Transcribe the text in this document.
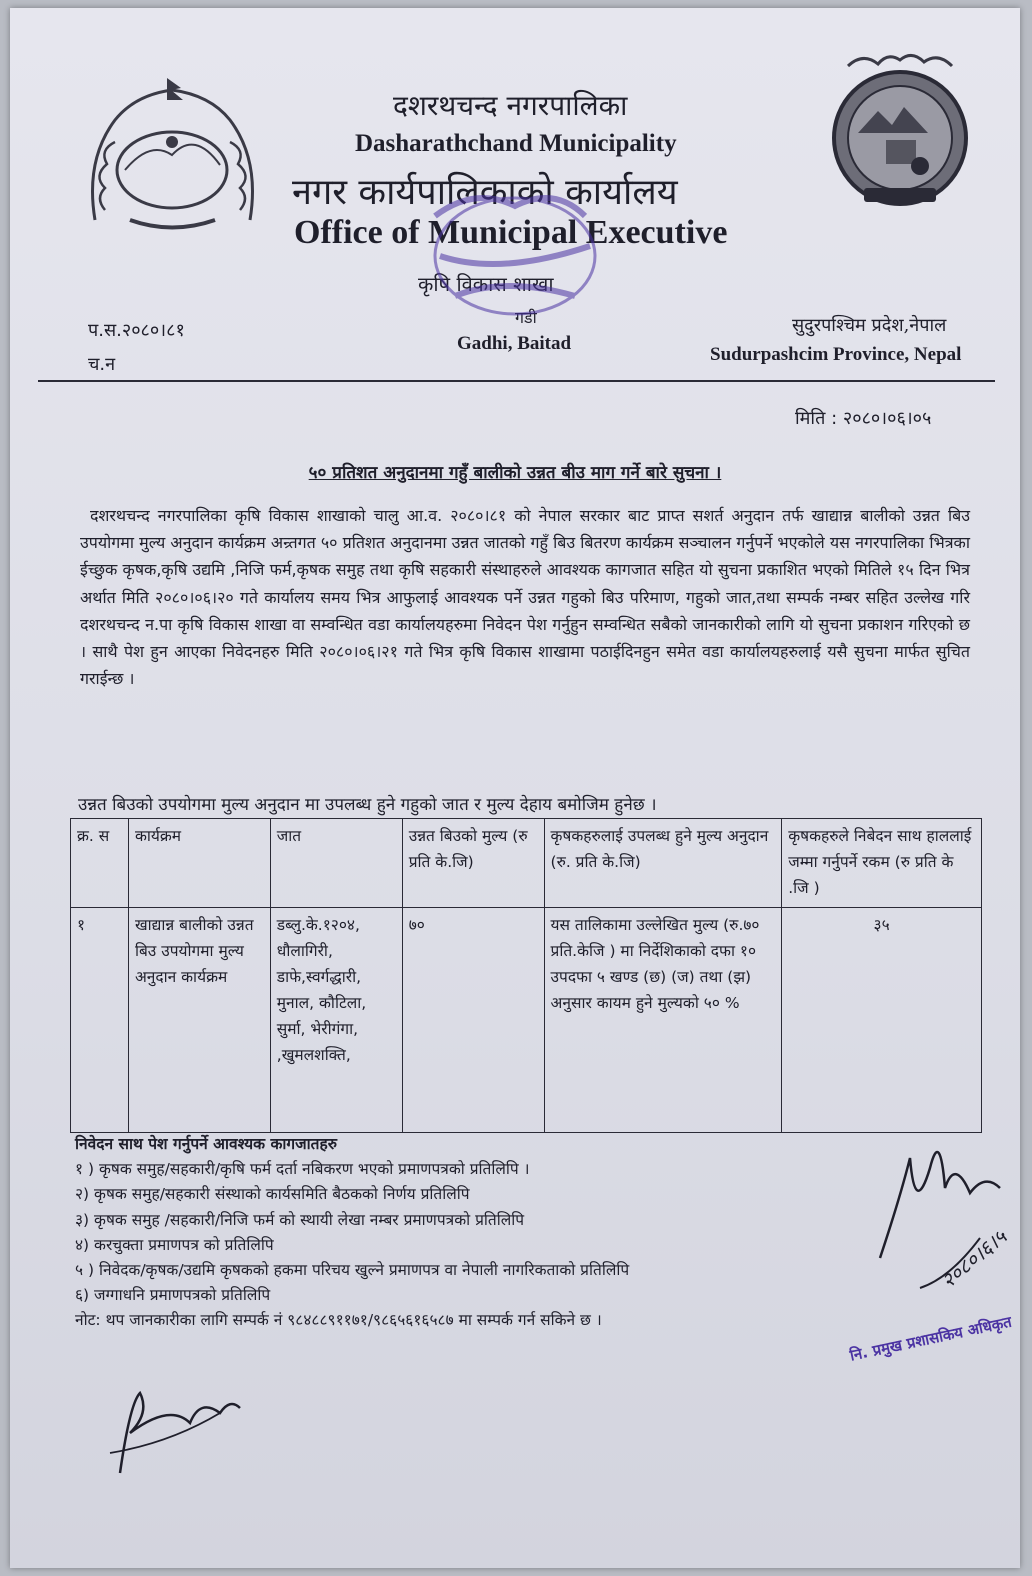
दशरथचन्द नगरपालिका
Dasharathchand Municipality
नगर कार्यपालिकाको कार्यालय
Office of Municipal Executive
कृषि विकास शाखा
गडी
Gadhi, Baitad
प.स.२०८०।८१
च.न
सुदुरपश्चिम प्रदेश,नेपाल
Sudurpashcim Province, Nepal
मिति : २०८०।०६।०५
५० प्रतिशत अनुदानमा गहुँ बालीको उन्नत बीउ माग गर्ने बारे सुचना ।
दशरथचन्द नगरपालिका कृषि विकास शाखाको चालु आ.व. २०८०।८१ को नेपाल सरकार बाट प्राप्त सशर्त अनुदान तर्फ खाद्यान्न बालीको उन्नत बिउ उपयोगमा मुल्य अनुदान कार्यक्रम अन्र्तगत ५० प्रतिशत अनुदानमा उन्नत जातको गहुँ बिउ बितरण कार्यक्रम सञ्चालन गर्नुपर्ने भएकोले यस नगरपालिका भित्रका ईच्छुक कृषक,कृषि उद्यमि ,निजि फर्म,कृषक समुह तथा कृषि सहकारी संस्थाहरुले आवश्यक कागजात सहित यो सुचना प्रकाशित भएको मितिले १५ दिन भित्र अर्थात मिति २०८०।०६।२० गते कार्यालय समय भित्र आफुलाई आवश्यक पर्ने उन्नत गहुको बिउ परिमाण, गहुको जात,तथा सम्पर्क नम्बर सहित उल्लेख गरि दशरथचन्द न.पा कृषि विकास शाखा वा सम्वन्धित वडा कार्यालयहरुमा निवेदन पेश गर्नुहुन सम्वन्धित सबैको जानकारीको लागि यो सुचना प्रकाशन गरिएको छ । साथै पेश हुन आएका निवेदनहरु मिति २०८०।०६।२१ गते भित्र कृषि विकास शाखामा पठाईदिनहुन समेत वडा कार्यालयहरुलाई यसै सुचना मार्फत सुचित गराईन्छ ।
उन्नत बिउको उपयोगमा मुल्य अनुदान मा उपलब्ध हुने गहुको जात र मुल्य देहाय बमोजिम हुनेछ ।
क्र. स	कार्यक्रम	जात	उन्नत बिउको मुल्य (रु प्रति के.जि)	कृषकहरुलाई उपलब्ध हुने मुल्य अनुदान (रु. प्रति के.जि)	कृषकहरुले निबेदन साथ हाललाई जम्मा गर्नुपर्ने रकम (रु प्रति के .जि )
१	खाद्यान्न बालीको उन्नत बिउ उपयोगमा मुल्य अनुदान कार्यक्रम	डब्लु.के.१२०४, धौलागिरी, डाफे,स्वर्गद्धारी, मुनाल, कौटिला, सुर्मा, भेरीगंगा, ,खुमलशक्ति,	७०	यस तालिकामा उल्लेखित मुल्य (रु.७० प्रति.केजि ) मा निर्देशिकाको दफा १० उपदफा ५ खण्ड (छ) (ज) तथा (झ) अनुसार कायम हुने मुल्यको ५० %	३५
निवेदन साथ पेश गर्नुपर्ने आवश्यक कागजातहरु
१ ) कृषक समुह/सहकारी/कृषि फर्म दर्ता नबिकरण भएको प्रमाणपत्रको प्रतिलिपि ।
२) कृषक समुह/सहकारी संस्थाको कार्यसमिति बैठकको निर्णय प्रतिलिपि
३) कृषक समुह /सहकारी/निजि फर्म को स्थायी लेखा नम्बर प्रमाणपत्रको प्रतिलिपि
४) करचुक्ता प्रमाणपत्र को प्रतिलिपि
५ ) निवेदक/कृषक/उद्यमि कृषकको हकमा परिचय खुल्ने प्रमाणपत्र वा नेपाली नागरिकताको प्रतिलिपि
६) जग्गाधनि प्रमाणपत्रको प्रतिलिपि
नोट: थप जानकारीका लागि सम्पर्क नं ९८४८८९११७१/९८६५६१६५८७ मा सम्पर्क गर्न सकिने छ ।
२०८०।६।५
नि. प्रमुख प्रशासकिय अधिकृत
